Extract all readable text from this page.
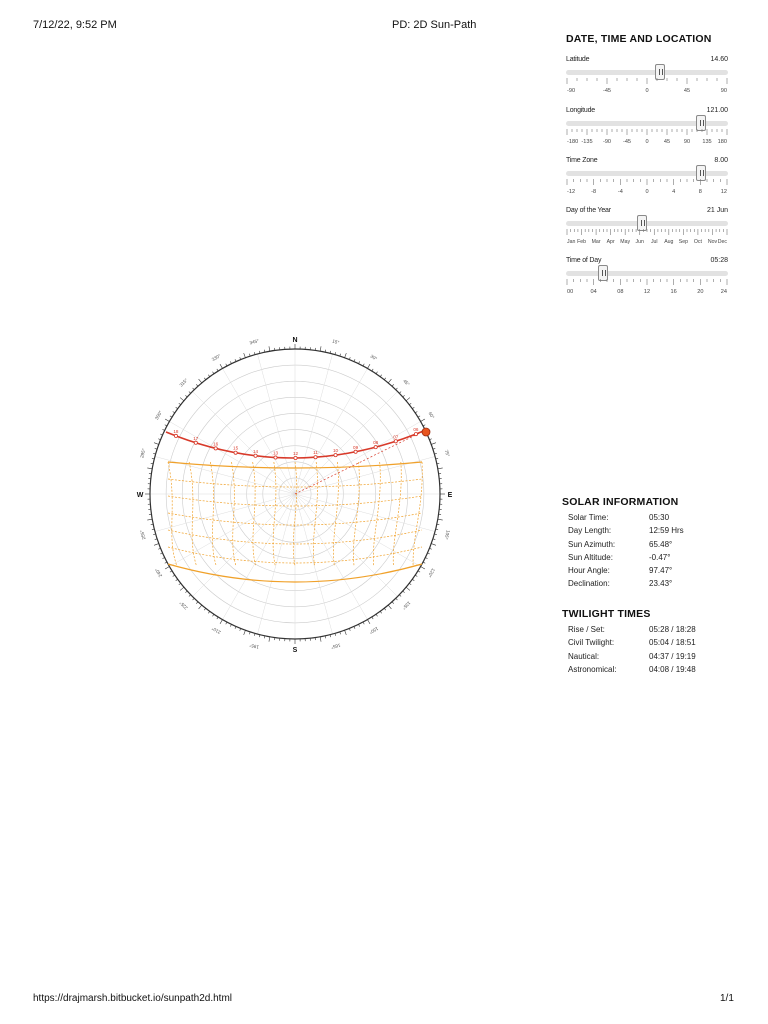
7/12/22, 9:52 PM	PD: 2D Sun-Path
DATE, TIME AND LOCATION
Latitude	14.60
-90	-45	0	45	90
Longitude	121.00
-180 -135 -90 -45	0	45 90 135 180
Time Zone	8.00
-12	-8	-4	0	4	8	12
Day of the Year	21 Jun
Jan Feb Mar Apr May Jun Jul Aug Sep Oct Nov Dec
Time of Day	05:28
00	04	08	12	16	20	24
SOLAR INFORMATION
Solar Time:	05:30
Day Length:	12:59 Hrs
Sun Azimuth:	65.48°
Sun Altitude:	-0.47°
Hour Angle:	97.47°
Declination:	23.43°
TWILIGHT TIMES
Rise / Set:	05:28 / 18:28
Civil Twilight:	05:04 / 18:51
Nautical:	04:37 / 19:19
Astronomical:	04:08 / 19:48
15°
30°
45°
60°
75°
105°
120°
135°
150°
165°
195°
210°
225°
240°
255°
285°
300°
315°
330°
345°	N
E
S
W
18
17
16
15
14	13	12	11	10
09
08
07
06
https://drajmarsh.bitbucket.io/sunpath2d.html	1/1
